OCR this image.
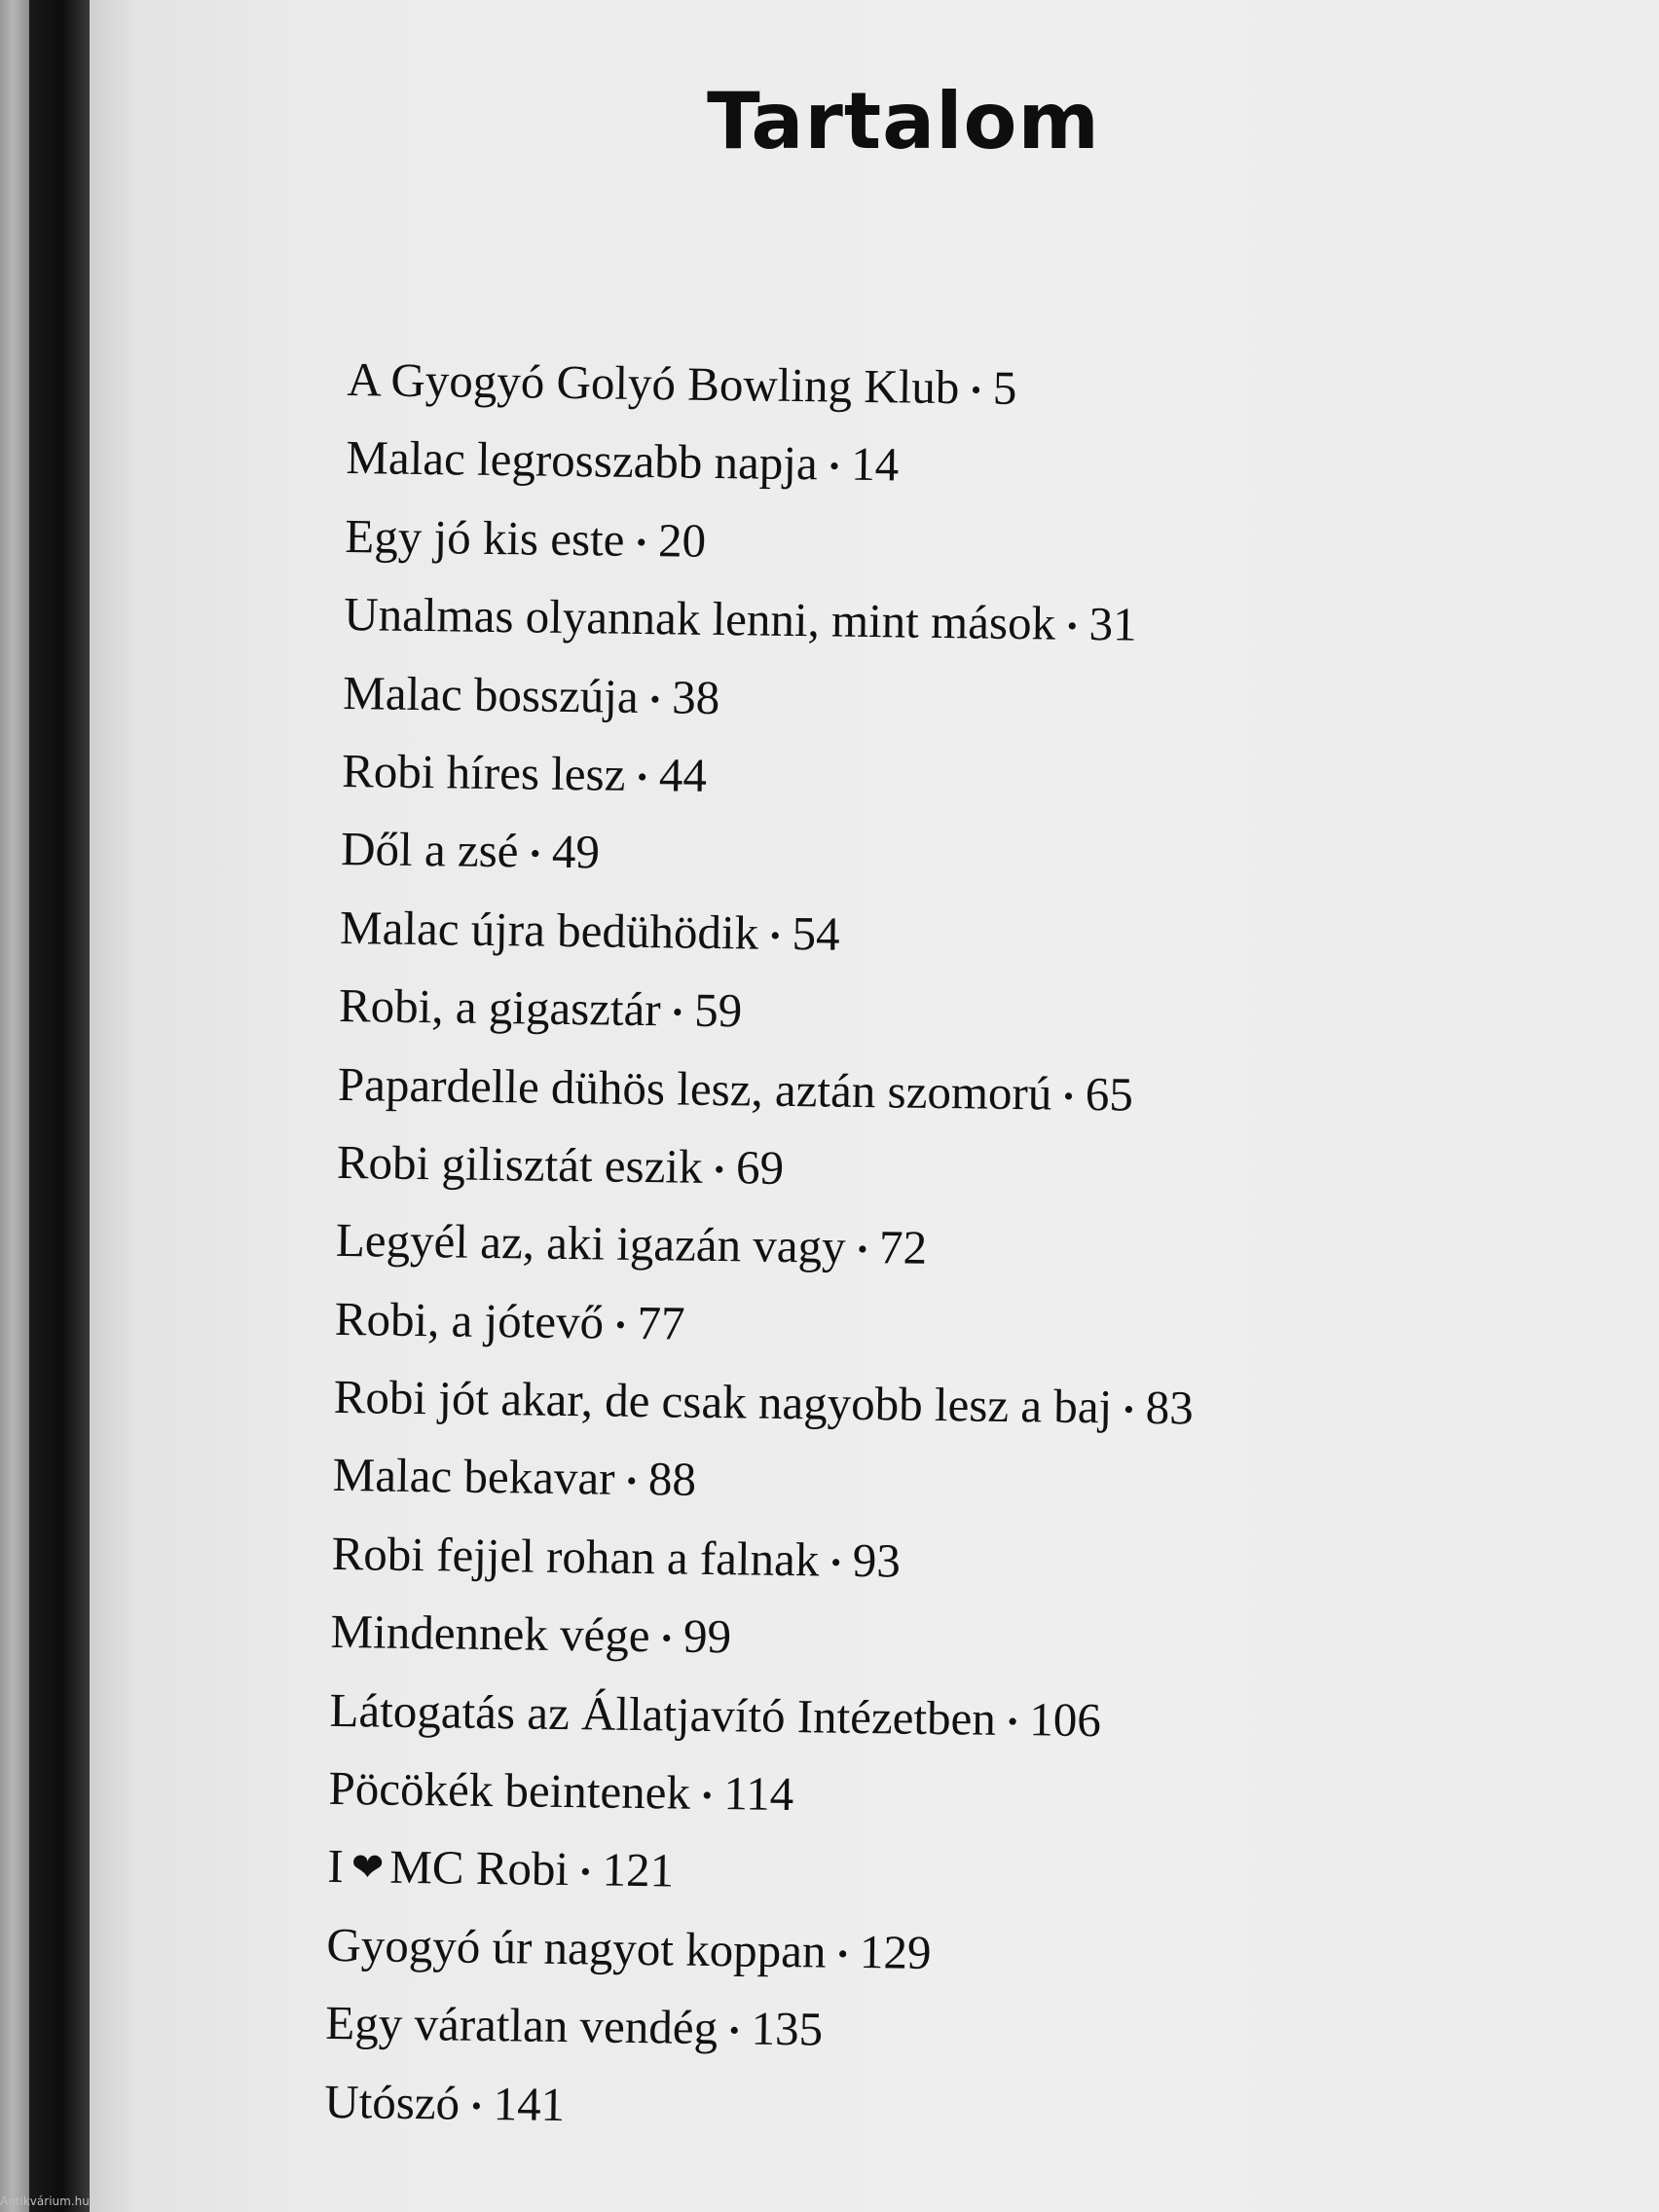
Tartalom
A Gyogyó Golyó Bowling Klub • 5
Malac legrosszabb napja • 14
Egy jó kis este • 20
Unalmas olyannak lenni, mint mások • 31
Malac bosszúja • 38
Robi híres lesz • 44
Dől a zsé • 49
Malac újra bedühödik • 54
Robi, a gigasztár • 59
Papardelle dühös lesz, aztán szomorú • 65
Robi gilisztát eszik • 69
Legyél az, aki igazán vagy • 72
Robi, a jótevő • 77
Robi jót akar, de csak nagyobb lesz a baj • 83
Malac bekavar • 88
Robi fejjel rohan a falnak • 93
Mindennek vége • 99
Látogatás az Állatjavító Intézetben • 106
Pöcökék beintenek • 114
I ❤ MC Robi • 121
Gyogyó úr nagyot koppan • 129
Egy váratlan vendég • 135
Utószó • 141
Antikvárium.hu
